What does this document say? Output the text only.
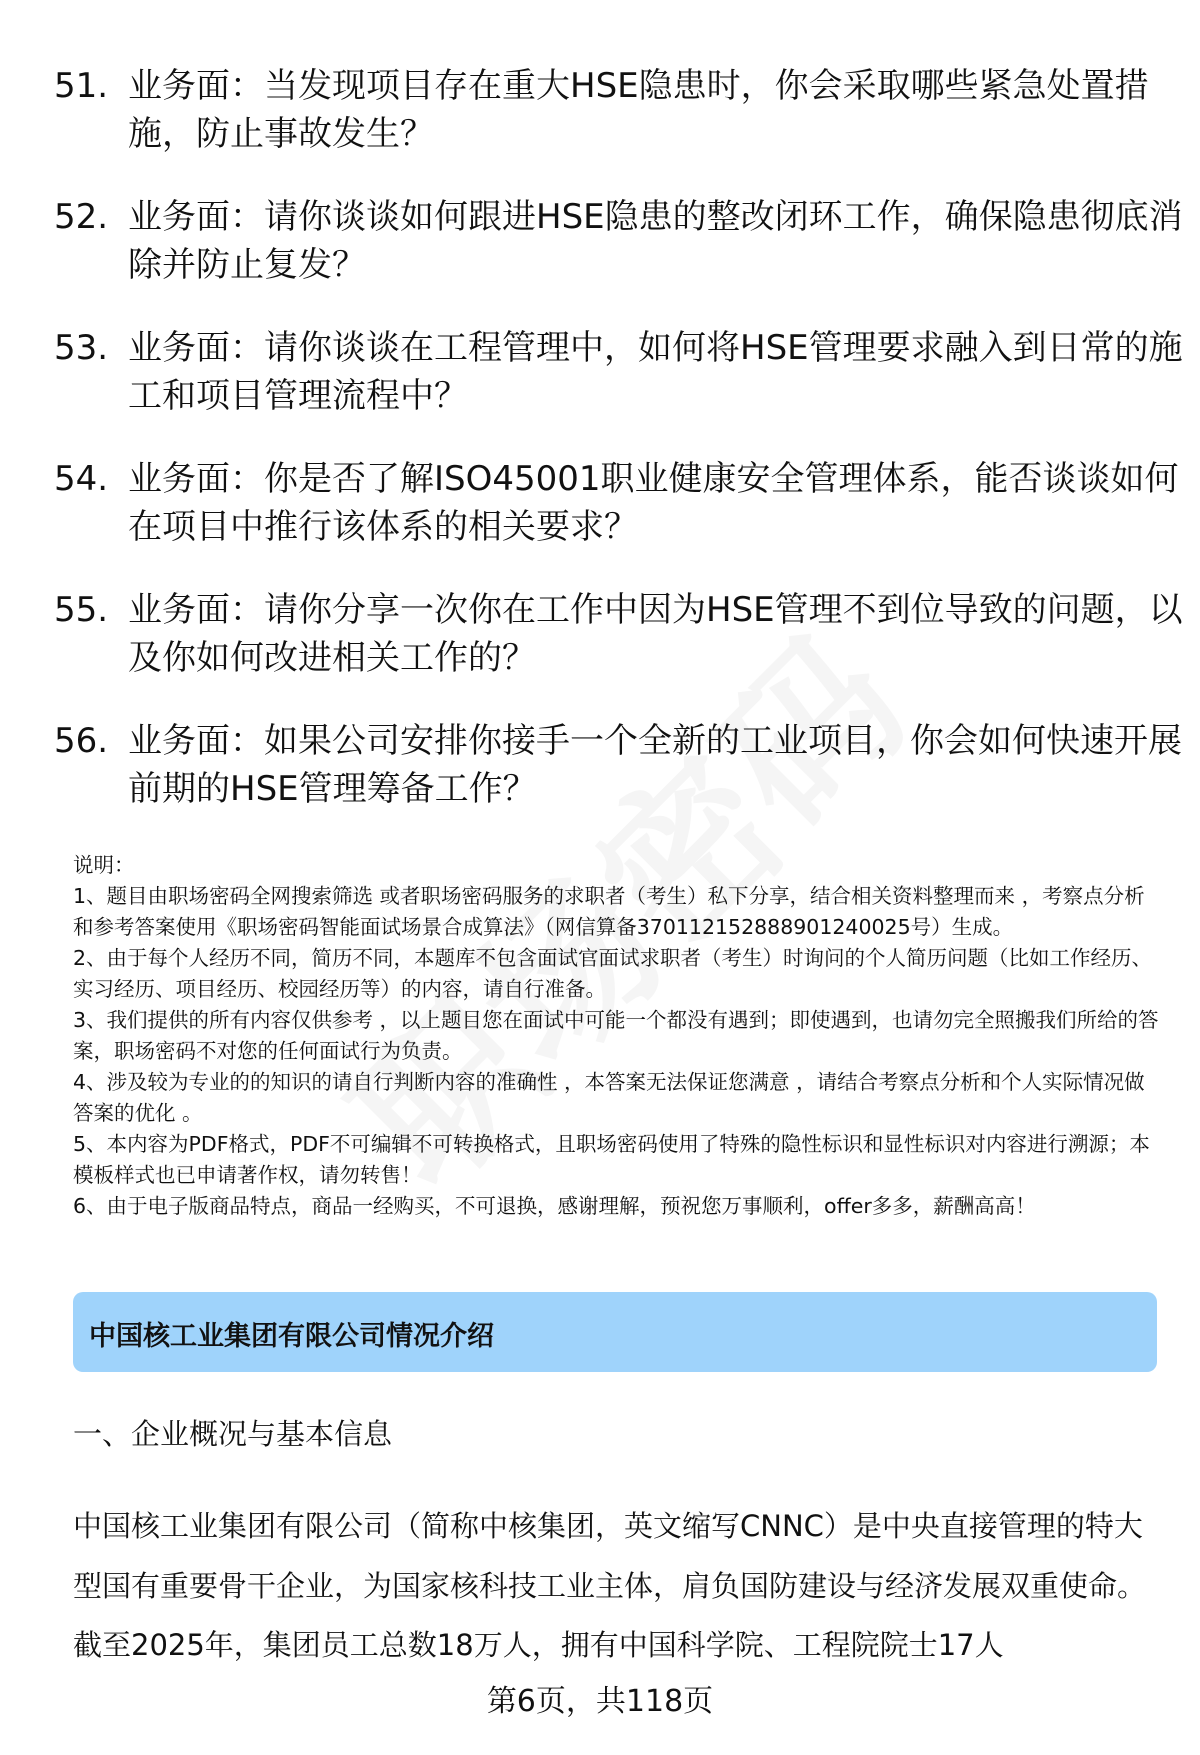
51. 业务面：当发现项目存在重大HSE隐患时，你会采取哪些紧急处置措施，防止事故发生？
52. 业务面：请你谈谈如何跟进HSE隐患的整改闭环工作，确保隐患彻底消除并防止复发？
53. 业务面：请你谈谈在工程管理中，如何将HSE管理要求融入到日常的施工和项目管理流程中？
54. 业务面：你是否了解ISO45001职业健康安全管理体系，能否谈谈如何在项目中推行该体系的相关要求？
55. 业务面：请你分享一次你在工作中因为HSE管理不到位导致的问题，以及你如何改进相关工作的？
56. 业务面：如果公司安排你接手一个全新的工业项目，你会如何快速开展前期的HSE管理筹备工作？
说明：
1、题目由职场密码全网搜索筛选 或者职场密码服务的求职者（考生）私下分享，结合相关资料整理而来 ，考察点分析和参考答案使用《职场密码智能面试场景合成算法》（网信算备370112152888901240025号）生成。
2、由于每个人经历不同，简历不同，本题库不包含面试官面试求职者（考生）时询问的个人简历问题（比如工作经历、实习经历、项目经历、校园经历等）的内容，请自行准备。
3、我们提供的所有内容仅供参考 ，以上题目您在面试中可能一个都没有遇到；即使遇到，也请勿完全照搬我们所给的答案，职场密码不对您的任何面试行为负责。
4、涉及较为专业的的知识的请自行判断内容的准确性 ，本答案无法保证您满意 ，请结合考察点分析和个人实际情况做答案的优化 。
5、本内容为PDF格式，PDF不可编辑不可转换格式，且职场密码使用了特殊的隐性标识和显性标识对内容进行溯源；本模板样式也已申请著作权，请勿转售！
6、由于电子版商品特点，商品一经购买，不可退换，感谢理解，预祝您万事顺利，offer多多，薪酬高高！
中国核工业集团有限公司情况介绍
一、企业概况与基本信息
中国核工业集团有限公司（简称中核集团，英文缩写CNNC）是中央直接管理的特大型国有重要骨干企业，为国家核科技工业主体，肩负国防建设与经济发展双重使命。截至2025年，集团员工总数18万人，拥有中国科学院、工程院院士17人
第6页，共118页
